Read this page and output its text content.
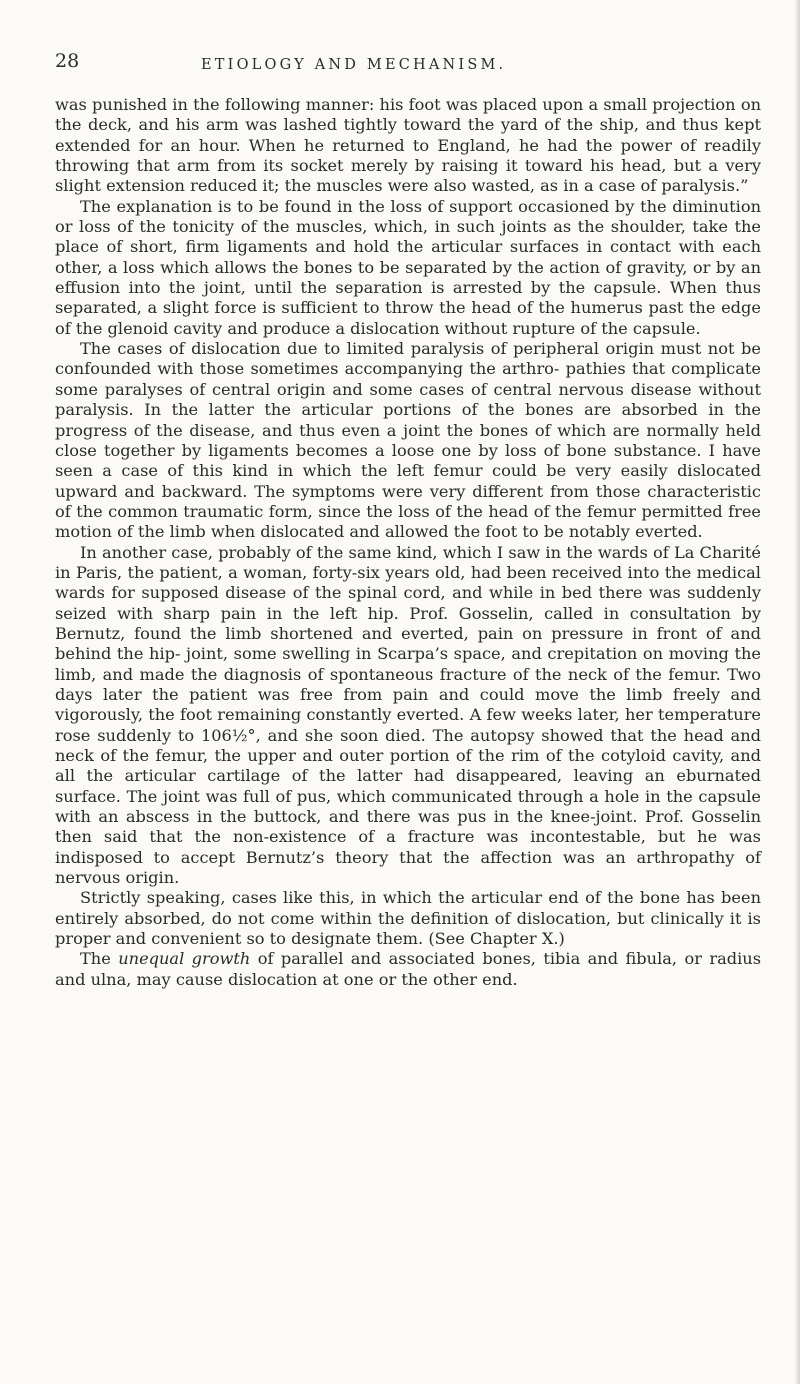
28	ETIOLOGY AND MECHANISM.

was punished in the following manner: his foot was placed upon a small projection on the deck, and his arm was lashed tightly toward the yard of the ship, and thus kept extended for an hour. When he returned to England, he had the power of readily throwing that arm from its socket merely by raising it toward his head, but a very slight extension reduced it; the muscles were also wasted, as in a case of paralysis.”

The explanation is to be found in the loss of support occasioned by the diminution or loss of the tonicity of the muscles, which, in such joints as the shoulder, take the place of short, firm ligaments and hold the articular surfaces in contact with each other, a loss which allows the bones to be separated by the action of gravity, or by an effusion into the joint, until the separation is arrested by the capsule. When thus separated, a slight force is sufficient to throw the head of the humerus past the edge of the glenoid cavity and produce a dislocation without rupture of the capsule.

The cases of dislocation due to limited paralysis of peripheral origin must not be confounded with those sometimes accompanying the arthro- pathies that complicate some paralyses of central origin and some cases of central nervous disease without paralysis. In the latter the articular portions of the bones are absorbed in the progress of the disease, and thus even a joint the bones of which are normally held close together by ligaments becomes a loose one by loss of bone substance. I have seen a case of this kind in which the left femur could be very easily dislocated upward and backward. The symptoms were very different from those characteristic of the common traumatic form, since the loss of the head of the femur permitted free motion of the limb when dislocated and allowed the foot to be notably everted.

In another case, probably of the same kind, which I saw in the wards of La Charité in Paris, the patient, a woman, forty-six years old, had been received into the medical wards for supposed disease of the spinal cord, and while in bed there was suddenly seized with sharp pain in the left hip. Prof. Gosselin, called in consultation by Bernutz, found the limb shortened and everted, pain on pressure in front of and behind the hip- joint, some swelling in Scarpa’s space, and crepitation on moving the limb, and made the diagnosis of spontaneous fracture of the neck of the femur. Two days later the patient was free from pain and could move the limb freely and vigorously, the foot remaining constantly everted. A few weeks later, her temperature rose suddenly to 106½°, and she soon died. The autopsy showed that the head and neck of the femur, the upper and outer portion of the rim of the cotyloid cavity, and all the articular cartilage of the latter had disappeared, leaving an eburnated surface. The joint was full of pus, which communicated through a hole in the capsule with an abscess in the buttock, and there was pus in the knee-joint. Prof. Gosselin then said that the non-existence of a fracture was incontestable, but he was indisposed to accept Bernutz’s theory that the affection was an arthropathy of nervous origin.

Strictly speaking, cases like this, in which the articular end of the bone has been entirely absorbed, do not come within the definition of dislocation, but clinically it is proper and convenient so to designate them. (See Chapter X.)

The unequal growth of parallel and associated bones, tibia and fibula, or radius and ulna, may cause dislocation at one or the other end.
